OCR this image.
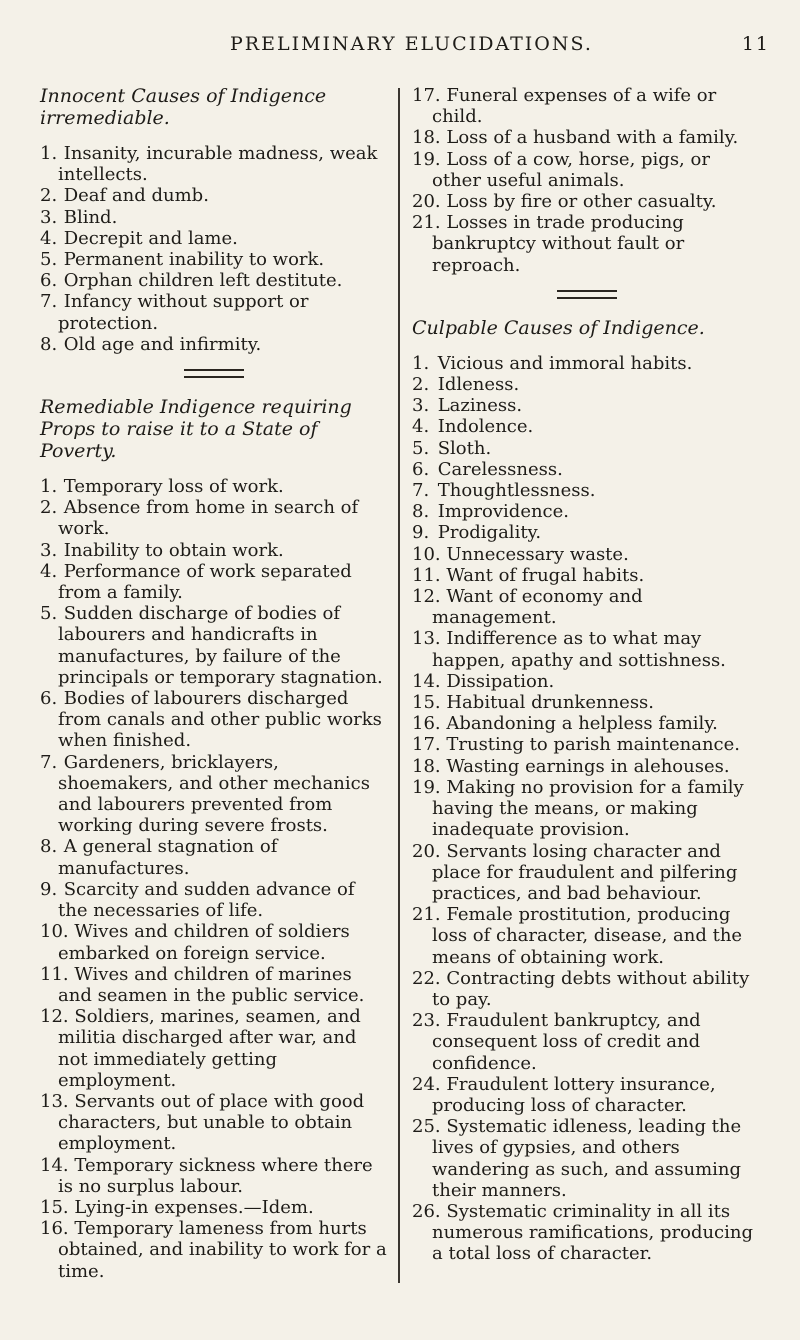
PRELIMINARY ELUCIDATIONS.	11
Innocent Causes of Indigence irremediable.
1. Insanity, incurable madness, weak intellects.
2. Deaf and dumb.
3. Blind.
4. Decrepit and lame.
5. Permanent inability to work.
6. Orphan children left destitute.
7. Infancy without support or protection.
8. Old age and infirmity.
Remediable Indigence requiring Props to raise it to a State of Poverty.
1. Temporary loss of work.
2. Absence from home in search of work.
3. Inability to obtain work.
4. Performance of work separated from a family.
5. Sudden discharge of bodies of labourers and handicrafts in manufactures, by failure of the principals or temporary stagnation.
6. Bodies of labourers discharged from canals and other public works when finished.
7. Gardeners, bricklayers, shoemakers, and other mechanics and labourers prevented from working during severe frosts.
8. A general stagnation of manufactures.
9. Scarcity and sudden advance of the necessaries of life.
10. Wives and children of soldiers embarked on foreign service.
11. Wives and children of marines and seamen in the public service.
12. Soldiers, marines, seamen, and militia discharged after war, and not immediately getting employment.
13. Servants out of place with good characters, but unable to obtain employment.
14. Temporary sickness where there is no surplus labour.
15. Lying-in expenses.—Idem.
16. Temporary lameness from hurts obtained, and inability to work for a time.
17. Funeral expenses of a wife or child.
18. Loss of a husband with a family.
19. Loss of a cow, horse, pigs, or other useful animals.
20. Loss by fire or other casualty.
21. Losses in trade producing bankruptcy without fault or reproach.
Culpable Causes of Indigence.
1. Vicious and immoral habits.
2. Idleness.
3. Laziness.
4. Indolence.
5. Sloth.
6. Carelessness.
7. Thoughtlessness.
8. Improvidence.
9. Prodigality.
10. Unnecessary waste.
11. Want of frugal habits.
12. Want of economy and management.
13. Indifference as to what may happen, apathy and sottishness.
14. Dissipation.
15. Habitual drunkenness.
16. Abandoning a helpless family.
17. Trusting to parish maintenance.
18. Wasting earnings in alehouses.
19. Making no provision for a family having the means, or making inadequate provision.
20. Servants losing character and place for fraudulent and pilfering practices, and bad behaviour.
21. Female prostitution, producing loss of character, disease, and the means of obtaining work.
22. Contracting debts without ability to pay.
23. Fraudulent bankruptcy, and consequent loss of credit and confidence.
24. Fraudulent lottery insurance, producing loss of character.
25. Systematic idleness, leading the lives of gypsies, and others wandering as such, and assuming their manners.
26. Systematic criminality in all its numerous ramifications, producing a total loss of character.
